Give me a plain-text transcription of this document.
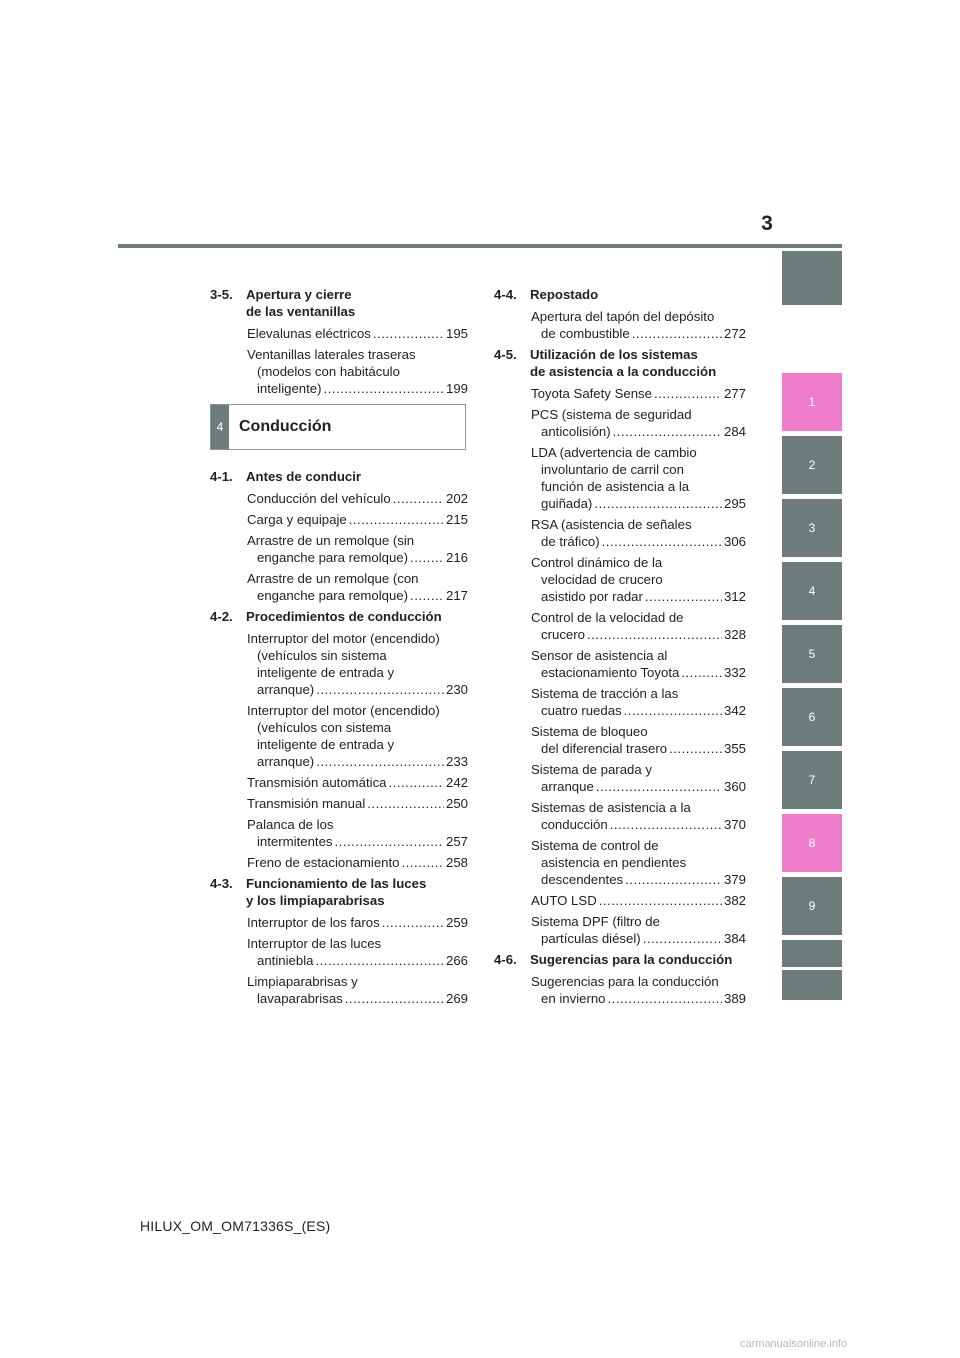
3
1
2
3
4
5
6
7
8
9
3-5.	Apertura y cierre
de las ventanillas
Elevalunas eléctricos .....	195
Ventanillas laterales traseras
(modelos con habitáculo
inteligente) .....	199
4 Conducción
4-1.	Antes de conducir
Conducción del vehículo .....	202
Carga y equipaje .....	215
Arrastre de un remolque (sin
enganche para remolque) .....	216
Arrastre de un remolque (con
enganche para remolque) .....	217
4-2.	Procedimientos de conducción
Interruptor del motor (encendido)
(vehículos sin sistema
inteligente de entrada y
arranque) .....	230
Interruptor del motor (encendido)
(vehículos con sistema
inteligente de entrada y
arranque) .....	233
Transmisión automática .....	242
Transmisión manual .....	250
Palanca de los
intermitentes .....	257
Freno de estacionamiento .....	258
4-3.	Funcionamiento de las luces
y los limpiaparabrisas
Interruptor de los faros .....	259
Interruptor de las luces
antiniebla .....	266
Limpiaparabrisas y
lavaparabrisas .....	269
4-4.	Repostado
Apertura del tapón del depósito
de combustible .....	272
4-5.	Utilización de los sistemas
de asistencia a la conducción
Toyota Safety Sense .....	277
PCS (sistema de seguridad
anticolisión) .....	284
LDA (advertencia de cambio
involuntario de carril con
función de asistencia a la
guiñada) .....	295
RSA (asistencia de señales
de tráfico) .....	306
Control dinámico de la
velocidad de crucero
asistido por radar .....	312
Control de la velocidad de
crucero .....	328
Sensor de asistencia al
estacionamiento Toyota .....	332
Sistema de tracción a las
cuatro ruedas .....	342
Sistema de bloqueo
del diferencial trasero .....	355
Sistema de parada y
arranque .....	360
Sistemas de asistencia a la
conducción .....	370
Sistema de control de
asistencia en pendientes
descendentes .....	379
AUTO LSD .....	382
Sistema DPF (filtro de
partículas diésel) .....	384
4-6.	Sugerencias para la conducción
Sugerencias para la conducción
en invierno .....	389
HILUX_OM_OM71336S_(ES)
carmanualsonline.info
